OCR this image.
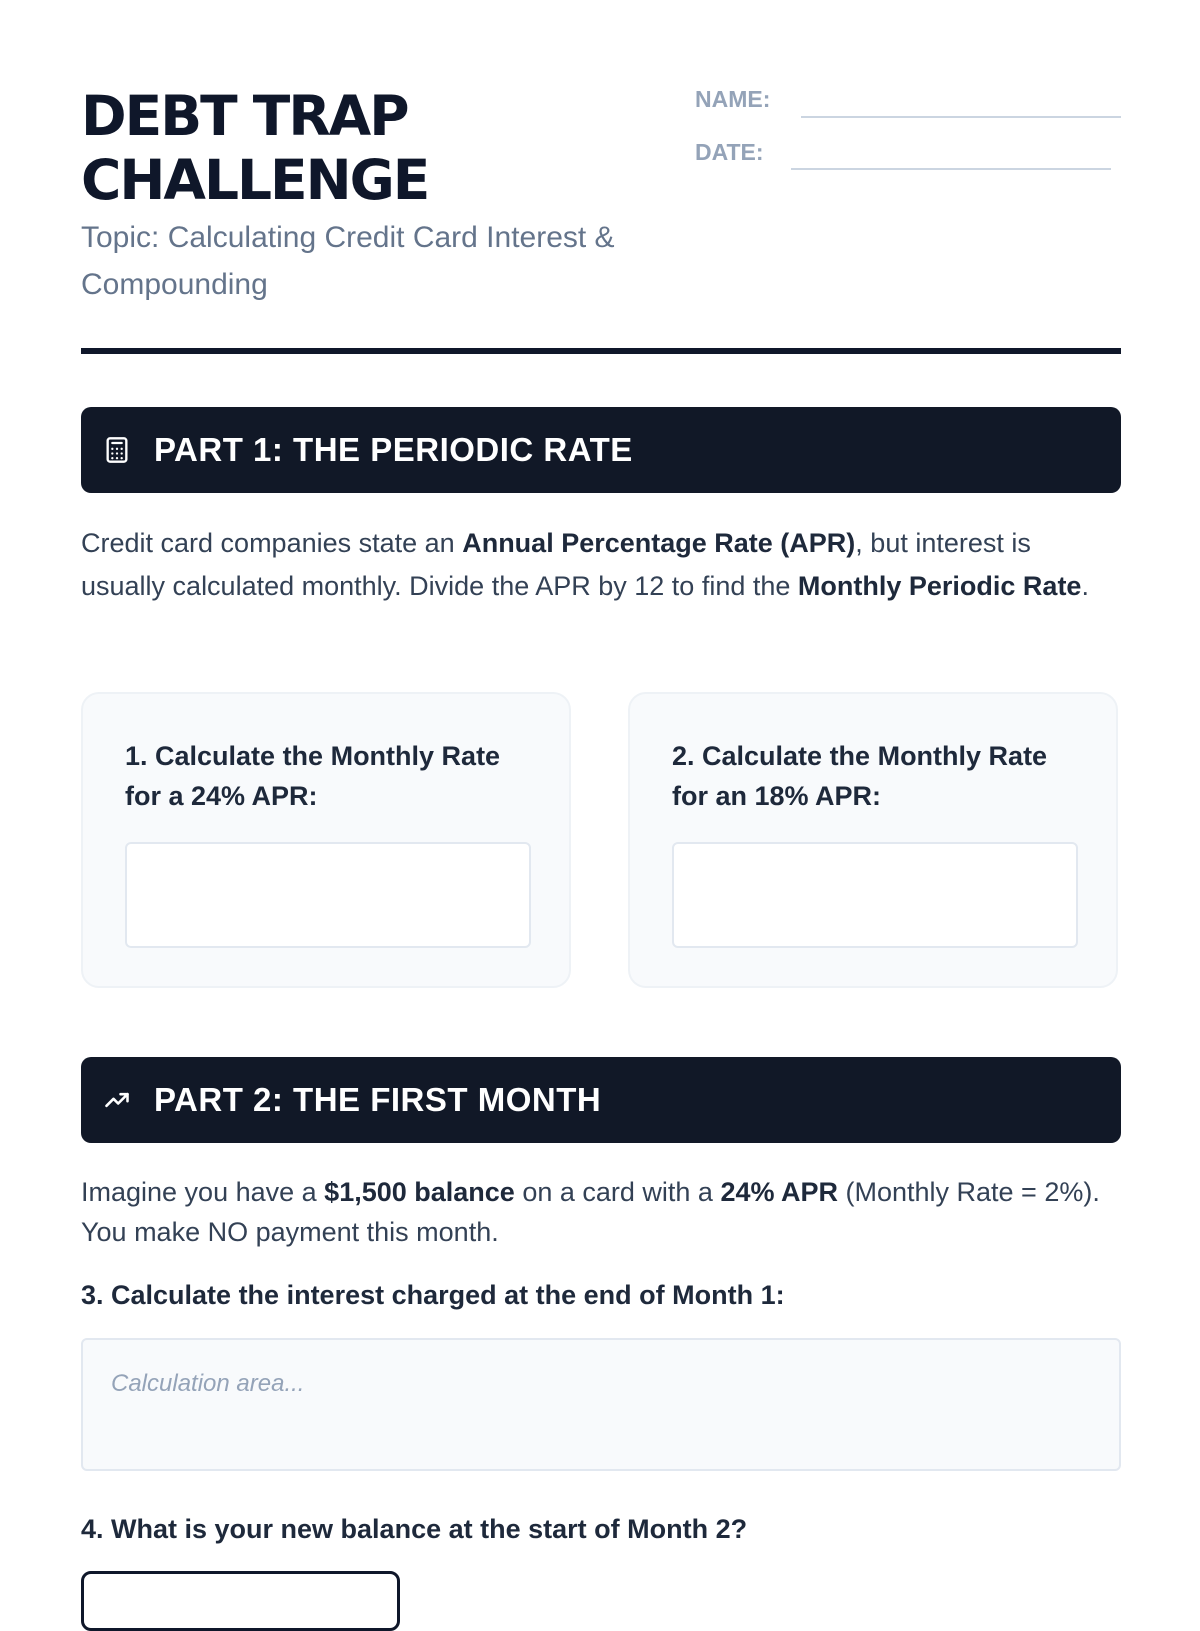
DEBT TRAP
CHALLENGE

Topic: Calculating Credit Card Interest & Compounding

NAME:
DATE:
PART 1: THE PERIODIC RATE

Credit card companies state an Annual Percentage Rate (APR), but interest is usually calculated monthly. Divide the APR by 12 to find the Monthly Periodic Rate.

1. Calculate the Monthly Rate for a 24% APR:

2. Calculate the Monthly Rate for an 18% APR:

PART 2: THE FIRST MONTH

Imagine you have a $1,500 balance on a card with a 24% APR (Monthly Rate = 2%). You make NO payment this month.

3. Calculate the interest charged at the end of Month 1:

Calculation area...

4. What is your new balance at the start of Month 2?
